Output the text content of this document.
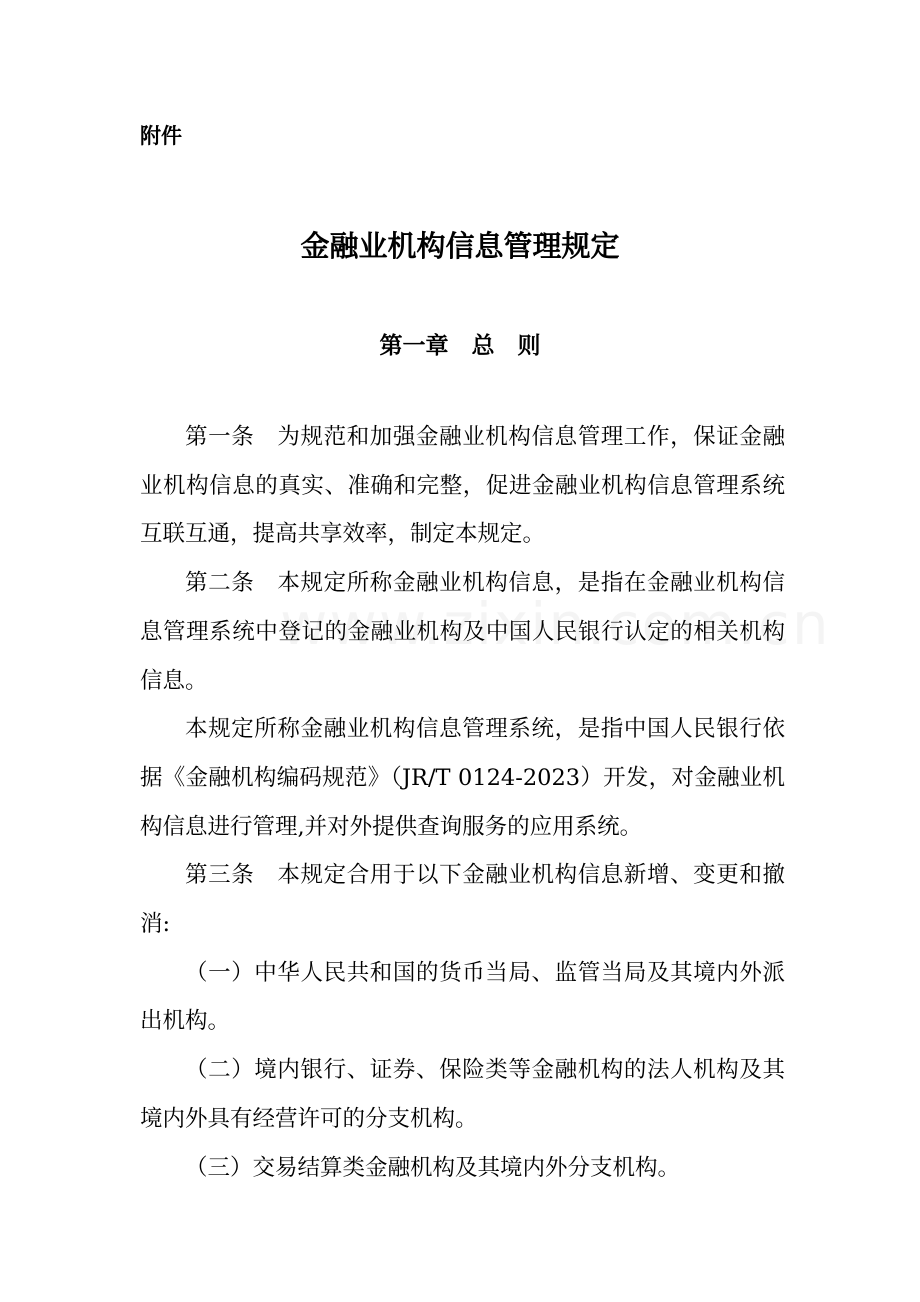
附件
金融业机构信息管理规定
第一章　总　则

第一条　为规范和加强金融业机构信息管理工作，保证金融业机构信息的真实、准确和完整，促进金融业机构信息管理系统互联互通，提高共享效率，制定本规定。

第二条　本规定所称金融业机构信息，是指在金融业机构信息管理系统中登记的金融业机构及中国人民银行认定的相关机构信息。

本规定所称金融业机构信息管理系统，是指中国人民银行依据《金融机构编码规范》（JR/T 0124-2023）开发，对金融业机构信息进行管理,并对外提供查询服务的应用系统。

第三条　本规定合用于以下金融业机构信息新增、变更和撤消:

（一）中华人民共和国的货币当局、监管当局及其境内外派出机构。

（二）境内银行、证券、保险类等金融机构的法人机构及其境内外具有经营许可的分支机构。

（三）交易结算类金融机构及其境内外分支机构。
